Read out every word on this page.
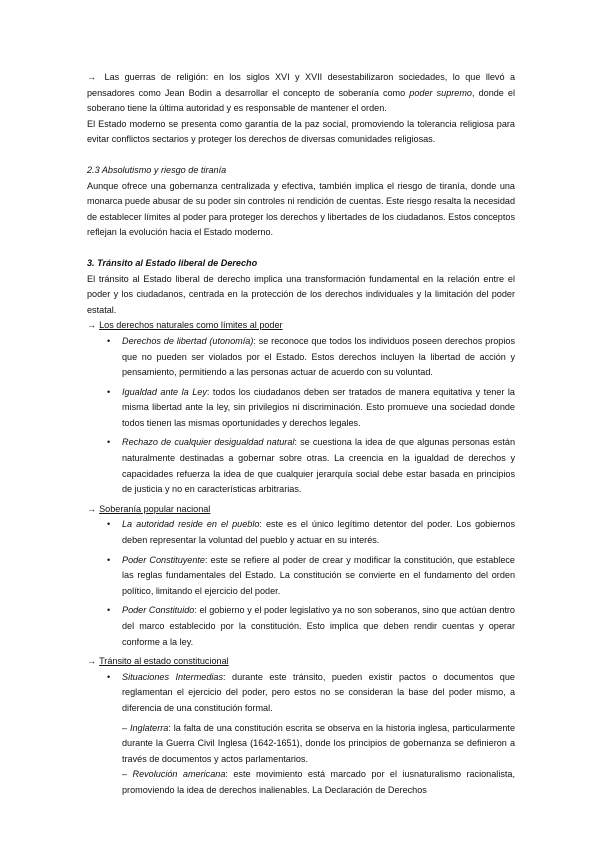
→ Las guerras de religión: en los siglos XVI y XVII desestabilizaron sociedades, lo que llevó a pensadores como Jean Bodin a desarrollar el concepto de soberanía como poder supremo, donde el soberano tiene la última autoridad y es responsable de mantener el orden.

El Estado moderno se presenta como garantía de la paz social, promoviendo la tolerancia religiosa para evitar conflictos sectarios y proteger los derechos de diversas comunidades religiosas.

2.3 Absolutismo y riesgo de tiranía

Aunque ofrece una gobernanza centralizada y efectiva, también implica el riesgo de tiranía, donde una monarca puede abusar de su poder sin controles ni rendición de cuentas. Este riesgo resalta la necesidad de establecer límites al poder para proteger los derechos y libertades de los ciudadanos. Estos conceptos reflejan la evolución hacia el Estado moderno.

3. Tránsito al Estado liberal de Derecho

El tránsito al Estado liberal de derecho implica una transformación fundamental en la relación entre el poder y los ciudadanos, centrada en la protección de los derechos individuales y la limitación del poder estatal.

→ Los derechos naturales como límites al poder

• Derechos de libertad (utonomía): se reconoce que todos los individuos poseen derechos propios que no pueden ser violados por el Estado. Estos derechos incluyen la libertad de acción y pensamiento, permitiendo a las personas actuar de acuerdo con su voluntad.
• Igualdad ante la Ley: todos los ciudadanos deben ser tratados de manera equitativa y tener la misma libertad ante la ley, sin privilegios ni discriminación. Esto promueve una sociedad donde todos tienen las mismas oportunidades y derechos legales.
• Rechazo de cualquier desigualdad natural: se cuestiona la idea de que algunas personas están naturalmente destinadas a gobernar sobre otras. La creencia en la igualdad de derechos y capacidades refuerza la idea de que cualquier jerarquía social debe estar basada en principios de justicia y no en características arbitrarias.

→ Soberanía popular nacional

• La autoridad reside en el pueblo: este es el único legítimo detentor del poder. Los gobiernos deben representar la voluntad del pueblo y actuar en su interés.
• Poder Constituyente: este se refiere al poder de crear y modificar la constitución, que establece las reglas fundamentales del Estado. La constitución se convierte en el fundamento del orden político, limitando el ejercicio del poder.
• Poder Constituido: el gobierno y el poder legislativo ya no son soberanos, sino que actúan dentro del marco establecido por la constitución. Esto implica que deben rendir cuentas y operar conforme a la ley.

→ Tránsito al estado constitucional

• Situaciones Intermedias: durante este tránsito, pueden existir pactos o documentos que reglamentan el ejercicio del poder, pero estos no se consideran la base del poder mismo, a diferencia de una constitución formal.

– Inglaterra: la falta de una constitución escrita se observa en la historia inglesa, particularmente durante la Guerra Civil Inglesa (1642-1651), donde los principios de gobernanza se definieron a través de documentos y actos parlamentarios.

– Revolución americana: este movimiento está marcado por el iusnaturalismo racionalista, promoviendo la idea de derechos inalienables. La Declaración de Derechos
